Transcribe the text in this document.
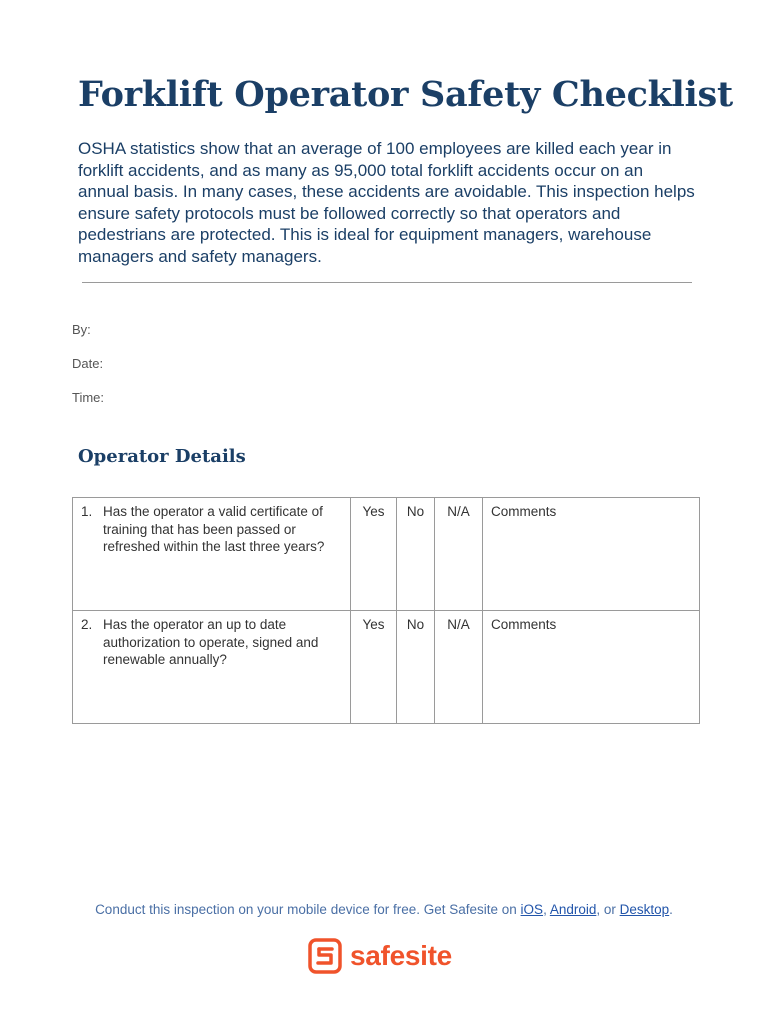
Forklift Operator Safety Checklist

OSHA statistics show that an average of 100 employees are killed each year in forklift accidents, and as many as 95,000 total forklift accidents occur on an annual basis. In many cases, these accidents are avoidable. This inspection helps ensure safety protocols must be followed correctly so that operators and pedestrians are protected. This is ideal for equipment managers, warehouse managers and safety managers.

By:
Date:
Time:
Operator Details
1. Has the operator a valid certificate of training that has been passed or refreshed within the last three years?	Yes	No	N/A	Comments
2. Has the operator an up to date authorization to operate, signed and renewable annually?	Yes	No	N/A	Comments
Conduct this inspection on your mobile device for free. Get Safesite on iOS, Android, or Desktop.
safesite
